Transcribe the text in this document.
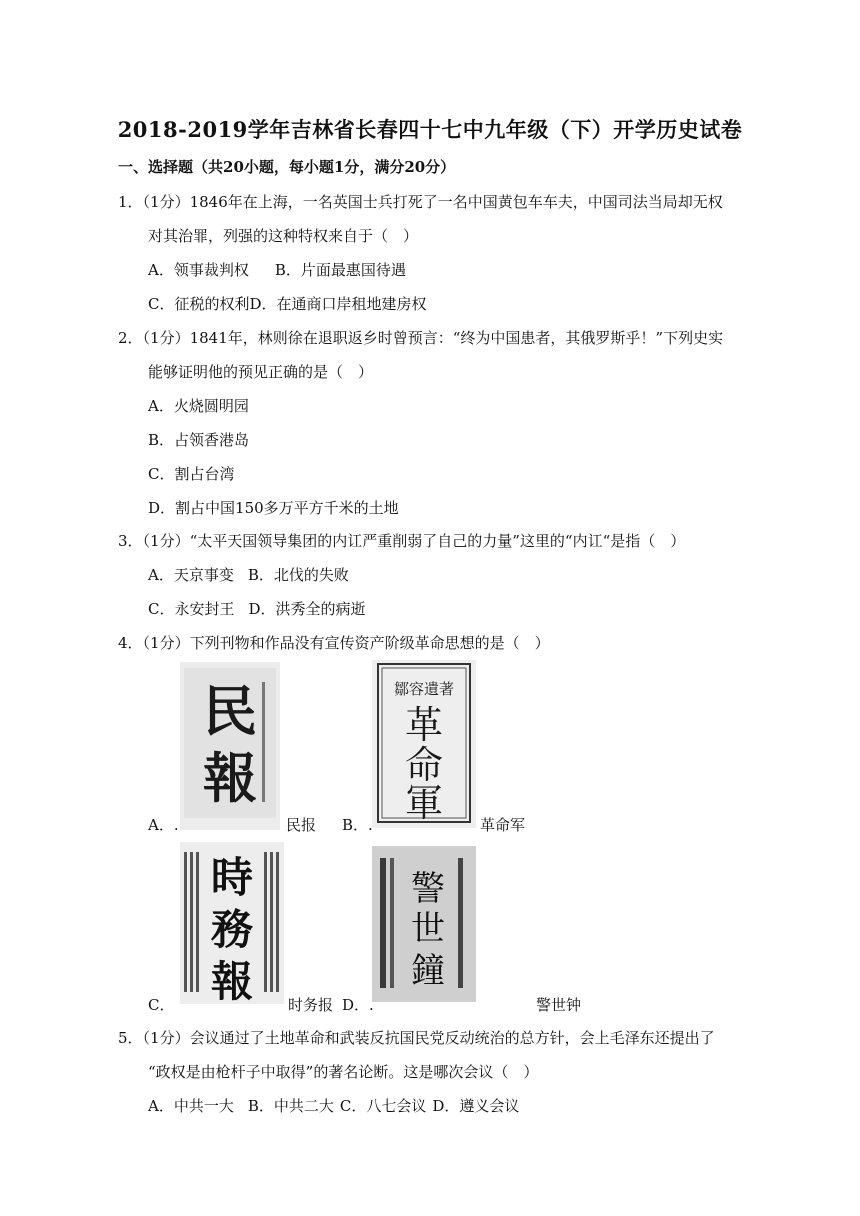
2018-2019学年吉林省长春四十七中九年级（下）开学历史试卷
一、选择题（共20小题，每小题1分，满分20分）
1．（1分）1846年在上海，一名英国士兵打死了一名中国黄包车车夫，中国司法当局却无权
对其治罪，列强的这种特权来自于（　）
A．领事裁判权 B．片面最惠国待遇
C．征税的权利D．在通商口岸租地建房权
2．（1分）1841年，林则徐在退职返乡时曾预言：“终为中国患者，其俄罗斯乎！”下列史实
能够证明他的预见正确的是（　）
A．火烧圆明园
B．占领香港岛
C．割占台湾
D．割占中国150多万平方千米的土地
3．（1分）“太平天国领导集团的内讧严重削弱了自己的力量”这里的“内讧“是指（　）
A．天京事变 B．北伐的失败
C．永安封王 D．洪秀全的病逝
4．（1分）下列刊物和作品没有宣传资产阶级革命思想的是（　）
民
報
A．.	民报
鄒容遺著
革
命
軍
B．.	革命军
時
務
報
C．	时务报
警
世
鐘
D．.	警世钟
5．（1分）会议通过了土地革命和武装反抗国民党反动统治的总方针，会上毛泽东还提出了
“政权是由枪杆子中取得”的著名论断。这是哪次会议（　）
A．中共一大 B．中共二大 C．八七会议 D．遵义会议
